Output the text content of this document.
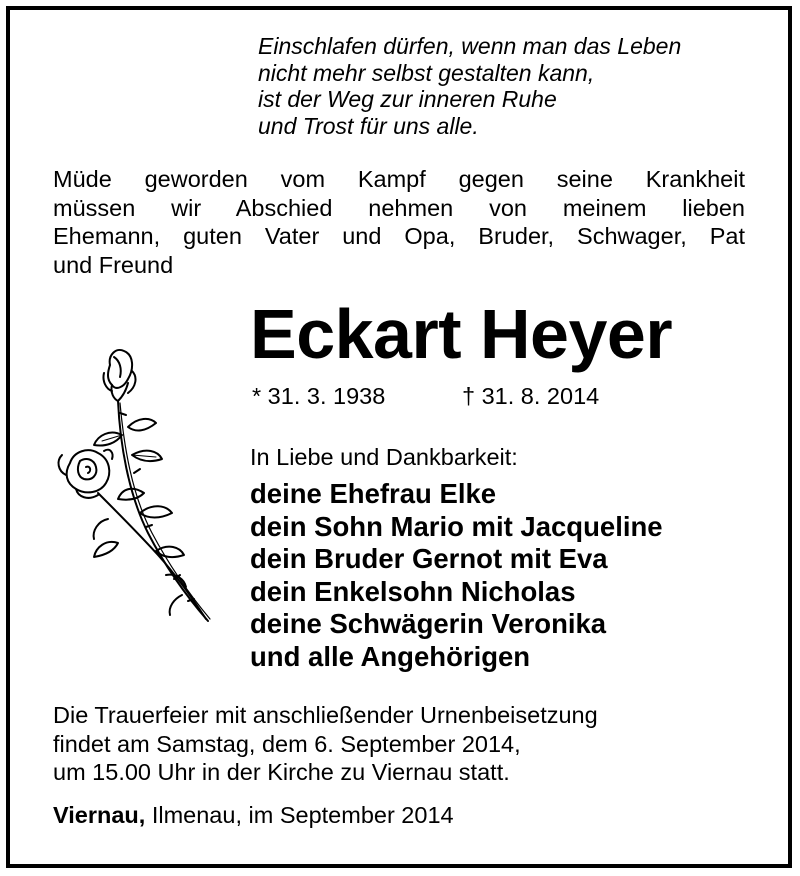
Einschlafen dürfen, wenn man das Leben
nicht mehr selbst gestalten kann,
ist der Weg zur inneren Ruhe
und Trost für uns alle.
Müde geworden vom Kampf gegen seine Krankheit
müssen wir Abschied nehmen von meinem lieben
Ehemann, guten Vater und Opa, Bruder, Schwager, Pat
und Freund
Eckart Heyer
* 31. 3. 1938	† 31. 8. 2014
In Liebe und Dankbarkeit:
deine Ehefrau Elke
dein Sohn Mario mit Jacqueline
dein Bruder Gernot mit Eva
dein Enkelsohn Nicholas
deine Schwägerin Veronika
und alle Angehörigen
Die Trauerfeier mit anschließender Urnenbeisetzung
findet am Samstag, dem 6. September 2014,
um 15.00 Uhr in der Kirche zu Viernau statt.
Viernau, Ilmenau, im September 2014
